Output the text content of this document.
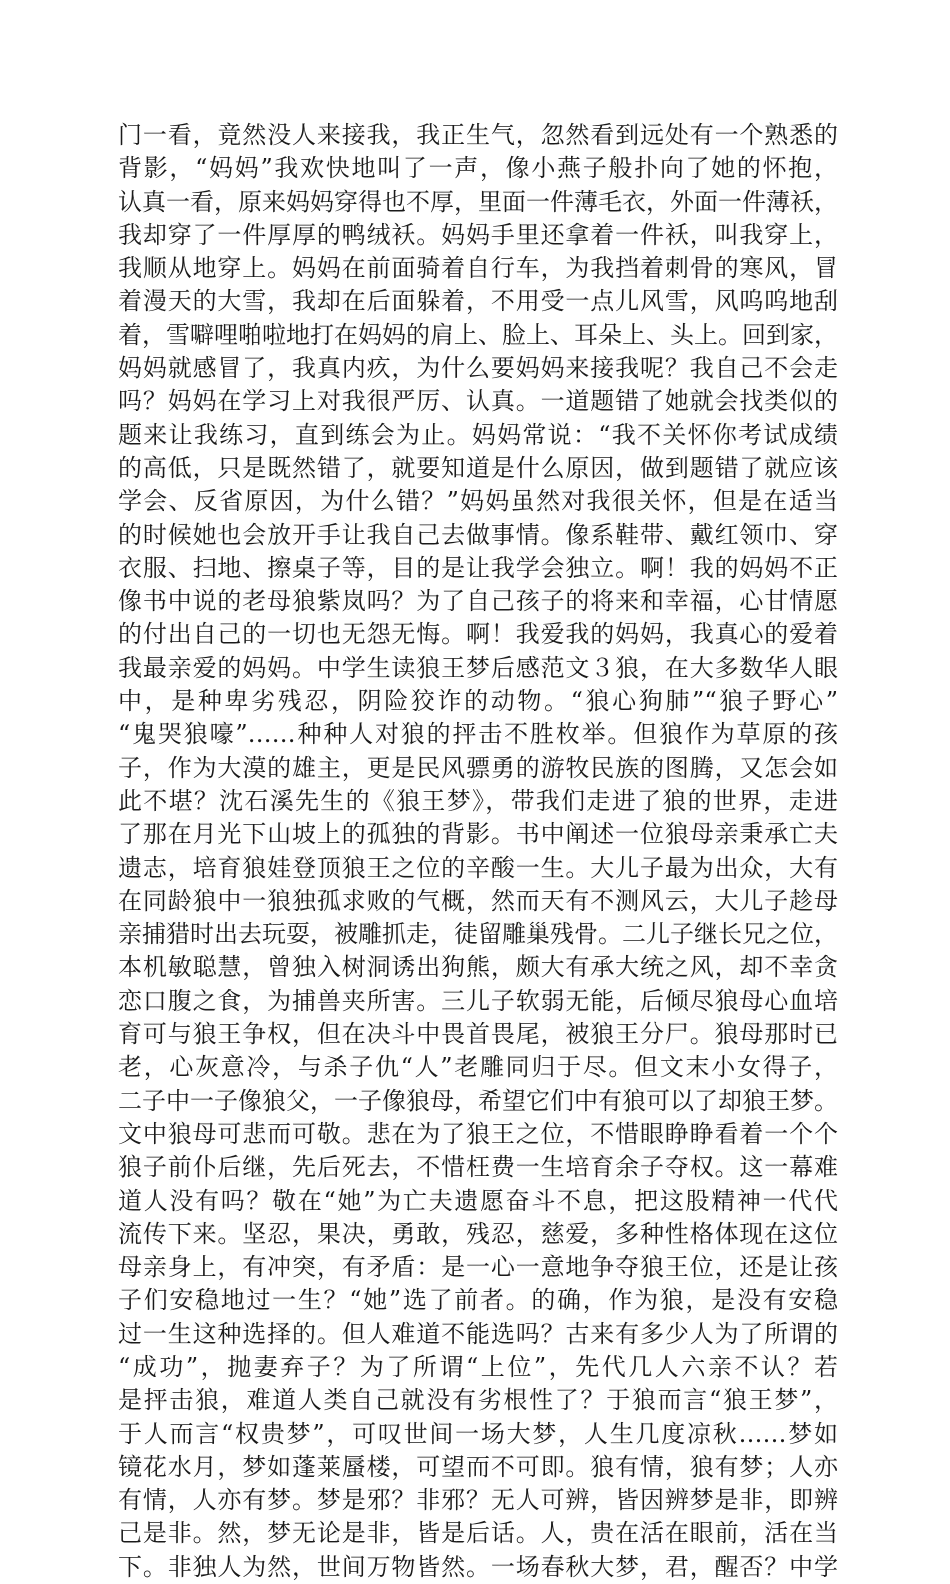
门一看，竟然没人来接我，我正生气，忽然看到远处有一个熟悉的
背影，“妈妈”我欢快地叫了一声，像小燕子般扑向了她的怀抱，
认真一看，原来妈妈穿得也不厚，里面一件薄毛衣，外面一件薄袄，
我却穿了一件厚厚的鸭绒袄。妈妈手里还拿着一件袄，叫我穿上，
我顺从地穿上。妈妈在前面骑着自行车，为我挡着刺骨的寒风，冒
着漫天的大雪，我却在后面躲着，不用受一点儿风雪，风呜呜地刮
着，雪噼哩啪啦地打在妈妈的肩上、脸上、耳朵上、头上。回到家，
妈妈就感冒了，我真内疚，为什么要妈妈来接我呢？我自己不会走
吗？妈妈在学习上对我很严厉、认真。一道题错了她就会找类似的
题来让我练习，直到练会为止。妈妈常说：“我不关怀你考试成绩
的高低，只是既然错了，就要知道是什么原因，做到题错了就应该
学会、反省原因，为什么错？”妈妈虽然对我很关怀，但是在适当
的时候她也会放开手让我自己去做事情。像系鞋带、戴红领巾、穿
衣服、扫地、擦桌子等，目的是让我学会独立。啊！我的妈妈不正
像书中说的老母狼紫岚吗？为了自己孩子的将来和幸福，心甘情愿
的付出自己的一切也无怨无悔。啊！我爱我的妈妈，我真心的爱着
我最亲爱的妈妈。中学生读狼王梦后感范文３狼，在大多数华人眼
中，是种卑劣残忍，阴险狡诈的动物。“狼心狗肺”“狼子野心”
“鬼哭狼嚎”……种种人对狼的抨击不胜枚举。但狼作为草原的孩
子，作为大漠的雄主，更是民风骠勇的游牧民族的图腾，又怎会如
此不堪？沈石溪先生的《狼王梦》，带我们走进了狼的世界，走进
了那在月光下山坡上的孤独的背影。书中阐述一位狼母亲秉承亡夫
遗志，培育狼娃登顶狼王之位的辛酸一生。大儿子最为出众，大有
在同龄狼中一狼独孤求败的气概，然而天有不测风云，大儿子趁母
亲捕猎时出去玩耍，被雕抓走，徒留雕巢残骨。二儿子继长兄之位，
本机敏聪慧，曾独入树洞诱出狗熊，颇大有承大统之风，却不幸贪
恋口腹之食，为捕兽夹所害。三儿子软弱无能，后倾尽狼母心血培
育可与狼王争权，但在决斗中畏首畏尾，被狼王分尸。狼母那时已
老，心灰意冷，与杀子仇“人”老雕同归于尽。但文末小女得子，
二子中一子像狼父，一子像狼母，希望它们中有狼可以了却狼王梦。
文中狼母可悲而可敬。悲在为了狼王之位，不惜眼睁睁看着一个个
狼子前仆后继，先后死去，不惜枉费一生培育余子夺权。这一幕难
道人没有吗？敬在“她”为亡夫遗愿奋斗不息，把这股精神一代代
流传下来。坚忍，果决，勇敢，残忍，慈爱，多种性格体现在这位
母亲身上，有冲突，有矛盾：是一心一意地争夺狼王位，还是让孩
子们安稳地过一生？“她”选了前者。的确，作为狼，是没有安稳
过一生这种选择的。但人难道不能选吗？古来有多少人为了所谓的
“成功”，抛妻弃子？为了所谓“上位”，先代几人六亲不认？若
是抨击狼，难道人类自己就没有劣根性了？于狼而言“狼王梦”，
于人而言“权贵梦”，可叹世间一场大梦，人生几度凉秋……梦如
镜花水月，梦如蓬莱蜃楼，可望而不可即。狼有情，狼有梦；人亦
有情，人亦有梦。梦是邪？非邪？无人可辨，皆因辨梦是非，即辨
己是非。然，梦无论是非，皆是后话。人，贵在活在眼前，活在当
下。非独人为然，世间万物皆然。一场春秋大梦，君，醒否？中学
